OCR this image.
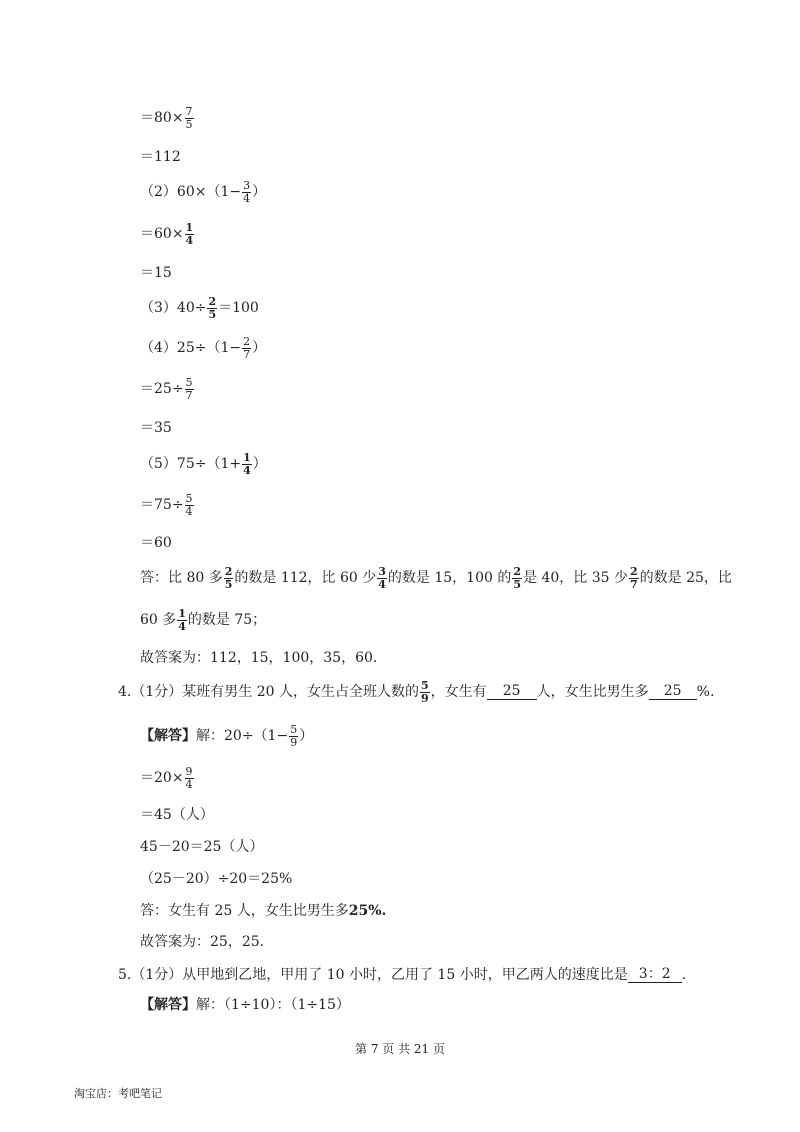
$=80\times \frac{7}{5}$
＝112
$(2)60\times(1- \frac{3}{4}$ ）
$=60\times \frac{1}{4}$
＝15
$(3)40\div \frac{2}{5} =100$
$(4)25\div(1- \frac{2}{7}$ ）
$=25\div \frac{5}{7}$
＝35
$(5)75\div(1+ \frac{1}{4}$ ）
$=75\div \frac{5}{4}$
＝60
答：比 80 多 $\frac{2}{5}$ 的数是 112，比 60 少 $\frac{3}{4}$ 的数是 15，100 的 $\frac{2}{5}$ 是 40，比 35 少 $\frac{2}{7}$ 的数是 25，比
60 多 $\frac{1}{4}$ 的数是 75；
故答案为：112，15，100，35，60.
4.（1分）某班有男生 20 人，女生占全班人数的 $\frac{5}{9}$ ，女生有	25	人，女生比男生多	25	%.
【解答】 解：$20\div(1- \frac{5}{9}$ ）
$=20\times \frac{9}{4}$
＝45（人）
45－20＝25（人）
（25－20）÷20＝25%
答：女生有 25 人，女生比男生多 25%.
故答案为：25，25.
5.（1分）从甲地到乙地，甲用了 10 小时，乙用了 15 小时，甲乙两人的速度比是 3：2 .
【解答】 解：（1÷10）：（1÷15）
第 7 页 共 21 页
淘宝店：考吧笔记
